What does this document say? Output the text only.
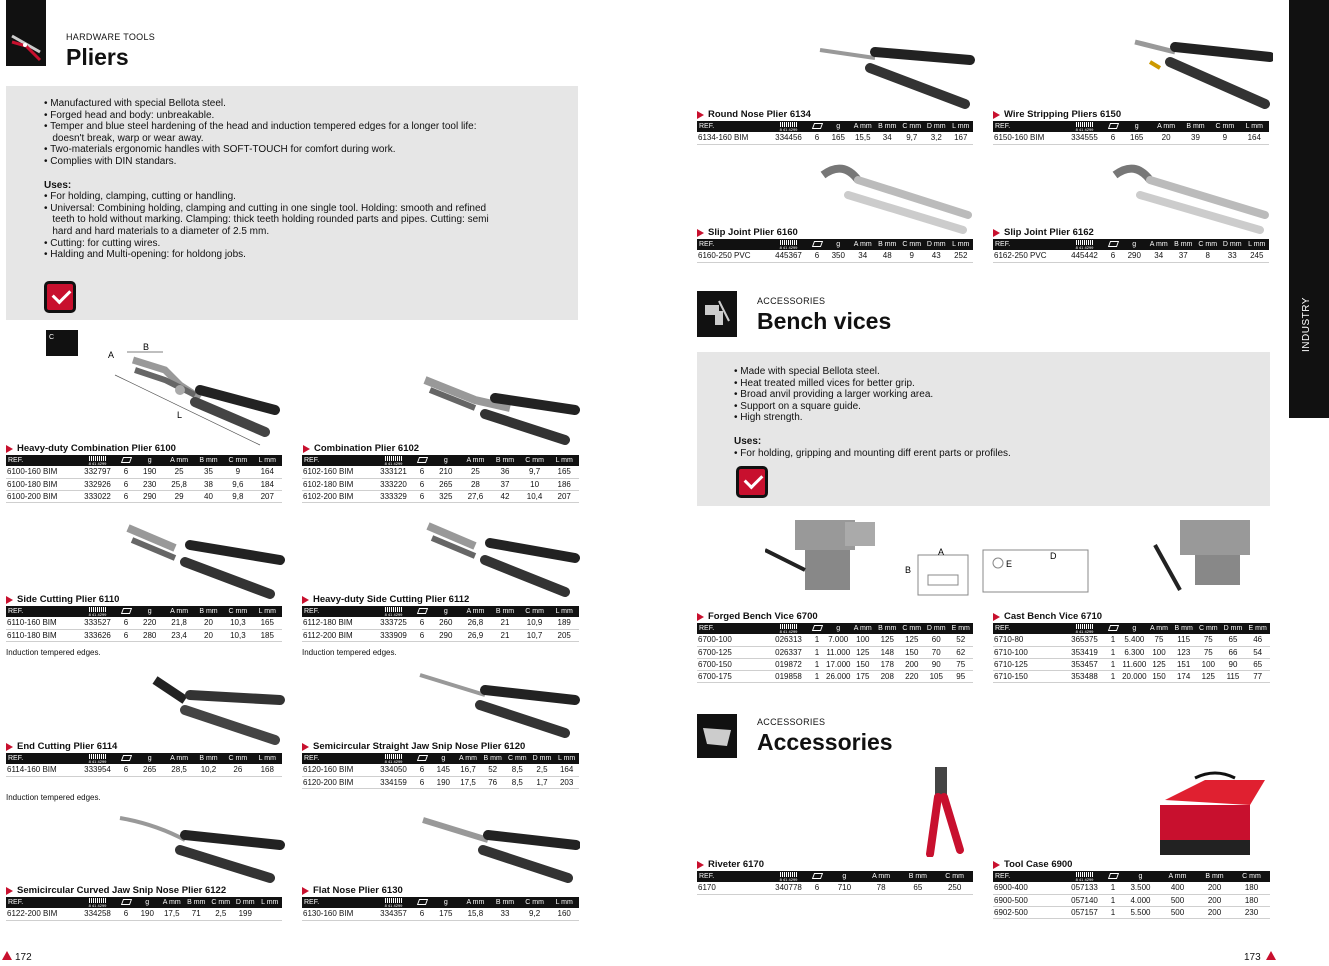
HARDWARE TOOLS
Pliers
• Manufactured with special Bellota steel.
• Forged head and body: unbreakable.
• Temper and blue steel hardening of the head and induction tempered edges for a longer tool life:
doesn't break, warp or wear away.
• Two-materials ergonomic handles with SOFT-TOUCH for comfort during work.
• Complies with DIN standars.
Uses:
• For holding, clamping, cutting or handling.
• Universal: Combining holding, clamping and cutting in one single tool. Holding: smooth and refined
teeth to hold without marking. Clamping: thick teeth holding rounded parts and pipes. Cutting: semi
hard and hard materials to a diameter of 2.5 mm.
• Cutting: for cutting wires.
• Halding and Multi-opening: for holdong jobs.
C
A
B
L
ACCESSORIES
Bench vices
• Made with special Bellota steel.
• Heat treated milled vices for better grip.
• Broad anvil providing a larger working area.
• Support on a square guide.
• High strength.
Uses:
• For holding, gripping and mounting diff erent parts or profiles.
A
B
E
D
ACCESSORIES
Accessories
Heavy-duty Combination Plier 6100
REF.	8 41 4299		g	A mm	B mm	C mm	L mm
6100-160 BIM	332797	6	190	25	35	9	164
6100-180 BIM	332926	6	230	25,8	38	9,6	184
6100-200 BIM	333022	6	290	29	40	9,8	207
Combination Plier 6102
REF.	8 41 4299		g	A mm	B mm	C mm	L mm
6102-160 BIM	333121	6	210	25	36	9,7	165
6102-180 BIM	333220	6	265	28	37	10	186
6102-200 BIM	333329	6	325	27,6	42	10,4	207
Side Cutting Plier 6110
REF.	8 41 4299		g	A mm	B mm	C mm	L mm
6110-160 BIM	333527	6	220	21,8	20	10,3	165
6110-180 BIM	333626	6	280	23,4	20	10,3	185
Induction tempered edges.
Heavy-duty Side Cutting Plier 6112
REF.	8 41 4299		g	A mm	B mm	C mm	L mm
6112-180 BIM	333725	6	260	26,8	21	10,9	189
6112-200 BIM	333909	6	290	26,9	21	10,7	205
Induction tempered edges.
End Cutting Plier 6114
REF.	8 41 4299		g	A mm	B mm	C mm	L mm
6114-160 BIM	333954	6	265	28,5	10,2	26	168
Induction tempered edges.
Semicircular Straight Jaw Snip Nose Plier 6120
REF.	8 41 4299		g	A mm	B mm	C mm	D mm	L mm
6120-160 BIM	334050	6	145	16,7	52	8,5	2,5	164
6120-200 BIM	334159	6	190	17,5	76	8,5	1,7	203
Semicircular Curved Jaw Snip Nose Plier 6122
REF.	8 41 4299		g	A mm	B mm	C mm	D mm	L mm
6122-200 BIM	334258	6	190	17,5	71	2,5	199	
Flat Nose Plier 6130
REF.	8 41 4299		g	A mm	B mm	C mm	L mm
6130-160 BIM	334357	6	175	15,8	33	9,2	160
Round Nose Plier 6134
REF.	8 41 4299		g	A mm	B mm	C mm	D mm	L mm
6134-160 BIM	334456	6	165	15,5	34	9,7	3,2	167
Wire Stripping Pliers 6150
REF.	8 41 4299		g	A mm	B mm	C mm	L mm
6150-160 BIM	334555	6	165	20	39	9	164
Slip Joint Plier 6160
REF.	8 41 4299		g	A mm	B mm	C mm	D mm	L mm
6160-250 PVC	445367	6	350	34	48	9	43	252
Slip Joint Plier 6162
REF.	8 41 4299		g	A mm	B mm	C mm	D mm	L mm
6162-250 PVC	445442	6	290	34	37	8	33	245
Forged Bench Vice 6700
REF.	8 41 4299		g	A mm	B mm	C mm	D mm	E mm
6700-100	026313	1	7.000	100	125	125	60	52
6700-125	026337	1	11.000	125	148	150	70	62
6700-150	019872	1	17.000	150	178	200	90	75
6700-175	019858	1	26.000	175	208	220	105	95
Cast Bench Vice 6710
REF.	8 41 4299		g	A mm	B mm	C mm	D mm	E mm
6710-80	365375	1	5.400	75	115	75	65	46
6710-100	353419	1	6.300	100	123	75	66	54
6710-125	353457	1	11.600	125	151	100	90	65
6710-150	353488	1	20.000	150	174	125	115	77
Riveter 6170
REF.	8 41 4299		g	A mm	B mm	C mm
6170	340778	6	710	78	65	250
Tool Case 6900
REF.	8 41 4299		g	A mm	B mm	C mm
6900-400	057133	1	3.500	400	200	180
6900-500	057140	1	4.000	500	200	180
6902-500	057157	1	5.500	500	200	230
172	173
INDUSTRY
